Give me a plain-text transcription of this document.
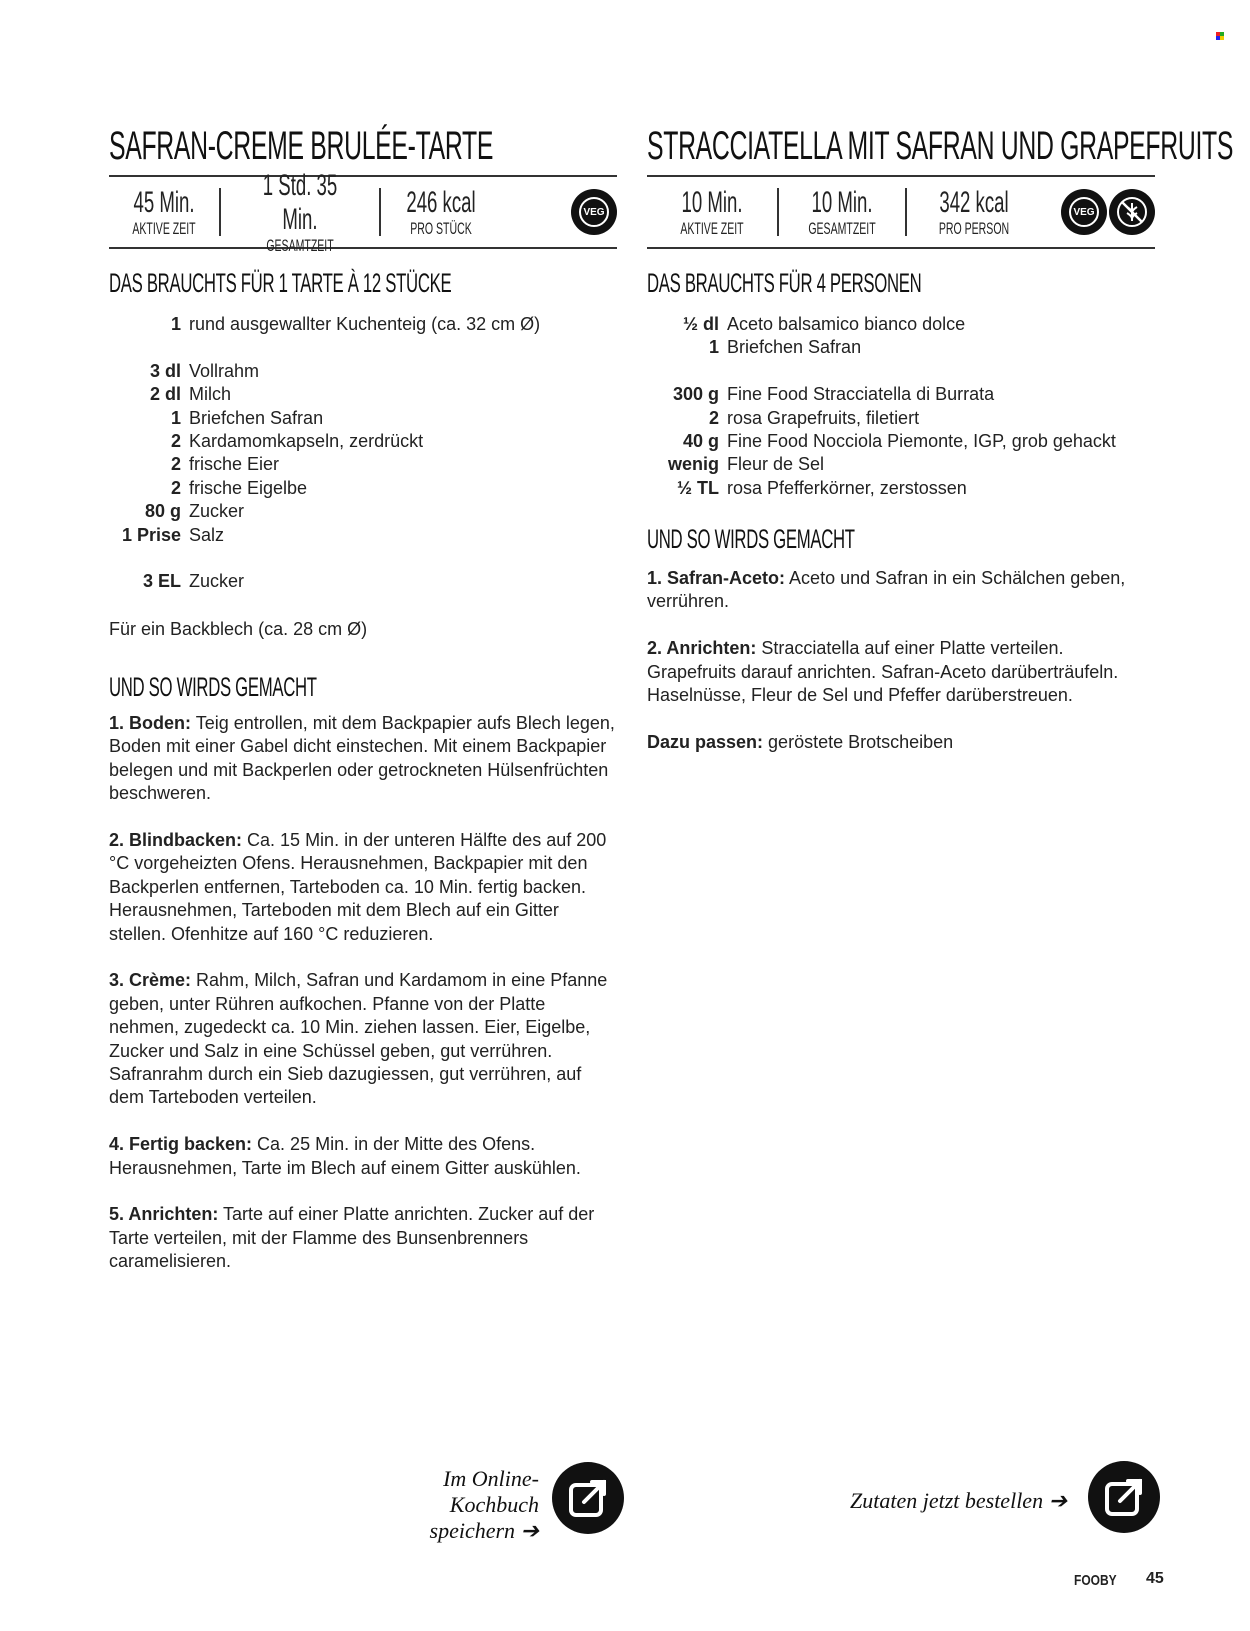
SAFRAN-CREME BRULÉE-TARTE
45 Min.
AKTIVE ZEIT
1 Std. 35 Min.
GESAMTZEIT
246 kcal
PRO STÜCK
VEG
DAS BRAUCHTS FÜR 1 TARTE À 12 STÜCKE
1 rund ausgewallter Kuchenteig (ca. 32 cm Ø)
3 dl Vollrahm
2 dl Milch
1 Briefchen Safran
2 Kardamomkapseln, zerdrückt
2 frische Eier
2 frische Eigelbe
80 g Zucker
1 Prise Salz
3 EL Zucker
Für ein Backblech (ca. 28 cm Ø)
UND SO WIRDS GEMACHT

1. Boden: Teig entrollen, mit dem Backpapier aufs Blech legen, Boden mit einer Gabel dicht einstechen. Mit einem Backpapier belegen und mit Backperlen oder getrockneten Hülsenfrüchten beschweren.

2. Blindbacken: Ca. 15 Min. in der unteren Hälfte des auf 200 °C vorgeheizten Ofens. Herausnehmen, Backpapier mit den Backperlen entfernen, Tarteboden ca. 10 Min. fertig backen. Herausnehmen, Tarteboden mit dem Blech auf ein Gitter stellen. Ofenhitze auf 160 °C reduzieren.

3. Crème: Rahm, Milch, Safran und Kardamom in eine Pfanne geben, unter Rühren aufkochen. Pfanne von der Platte nehmen, zugedeckt ca. 10 Min. ziehen lassen. Eier, Eigelbe, Zucker und Salz in eine Schüssel geben, gut verrühren. Safranrahm durch ein Sieb dazugiessen, gut verrühren, auf dem Tarteboden verteilen.

4. Fertig backen: Ca. 25 Min. in der Mitte des Ofens. Herausnehmen, Tarte im Blech auf einem Gitter auskühlen.

5. Anrichten: Tarte auf einer Platte anrichten. Zucker auf der Tarte verteilen, mit der Flamme des Bunsenbrenners caramelisieren.

Im Online-Kochbuch
speichern ➔
STRACCIATELLA MIT SAFRAN UND GRAPEFRUITS
10 Min.
AKTIVE ZEIT
10 Min.
GESAMTZEIT
342 kcal
PRO PERSON
VEG
DAS BRAUCHTS FÜR 4 PERSONEN
½ dl Aceto balsamico bianco dolce
1 Briefchen Safran
300 g Fine Food Stracciatella di Burrata
2 rosa Grapefruits, filetiert
40 g Fine Food Nocciola Piemonte, IGP, grob gehackt
wenig Fleur de Sel
½ TL rosa Pfefferkörner, zerstossen
UND SO WIRDS GEMACHT

1. Safran-Aceto: Aceto und Safran in ein Schälchen geben, verrühren.

2. Anrichten: Stracciatella auf einer Platte verteilen. Grapefruits darauf anrichten. Safran-Aceto darüberträufeln. Haselnüsse, Fleur de Sel und Pfeffer darüberstreuen.

Dazu passen: geröstete Brotscheiben

Zutaten jetzt bestellen ➔
FOOBY 45
